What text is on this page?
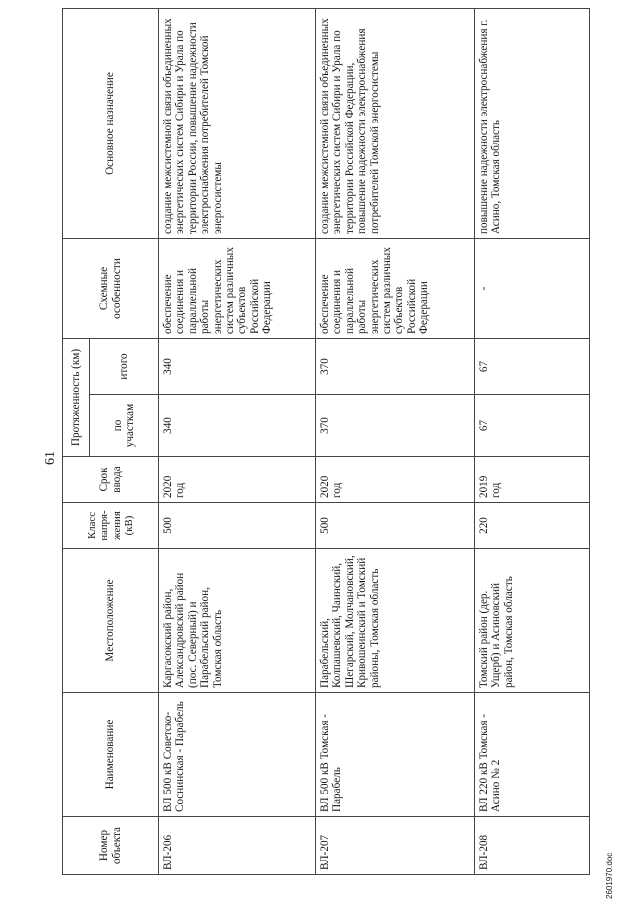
61
Номер объекта	Наименование	Местоположение	Класс напря-жения (кВ)	Срок ввода	Протяженность (км)		Схемные особенности	Основное назначение
					по участкам	итого		
ВЛ-206	ВЛ 500 кВ Советско-Соснинская - Парабель	Каргасокский район, Александровский район (пос. Северный) и Парабельский район, Томская область	500	2020 год	340	340	обеспечение соединения и параллельной работы энергетических систем различных субъектов Российской Федерации	создание межсистемной связи объединенных энергетических систем Сибири и Урала по территории России, повышение надежности электроснабжения потребителей Томской энергосистемы
ВЛ-207	ВЛ 500 кВ Томская - Парабель	Парабельский, Колпашевский, Чаинский, Шегарский, Молчановский, Кривошеинский и Томский районы, Томская область	500	2020 год	370	370	обеспечение соединения и параллельной работы энергетических систем различных субъектов Российской Федерации	создание межсистемной связи объединенных энергетических систем Сибири и Урала по территории Российской Федерации, повышение надежности электроснабжения потребителей Томской энергосистемы
ВЛ-208	ВЛ 220 кВ Томская - Асино № 2	Томский район (дер. Ущерб) и Асиновский район, Томская область	220	2019 год	67	67	-	повышение надежности электроснабжения г. Асино, Томская область
2601970.doc
